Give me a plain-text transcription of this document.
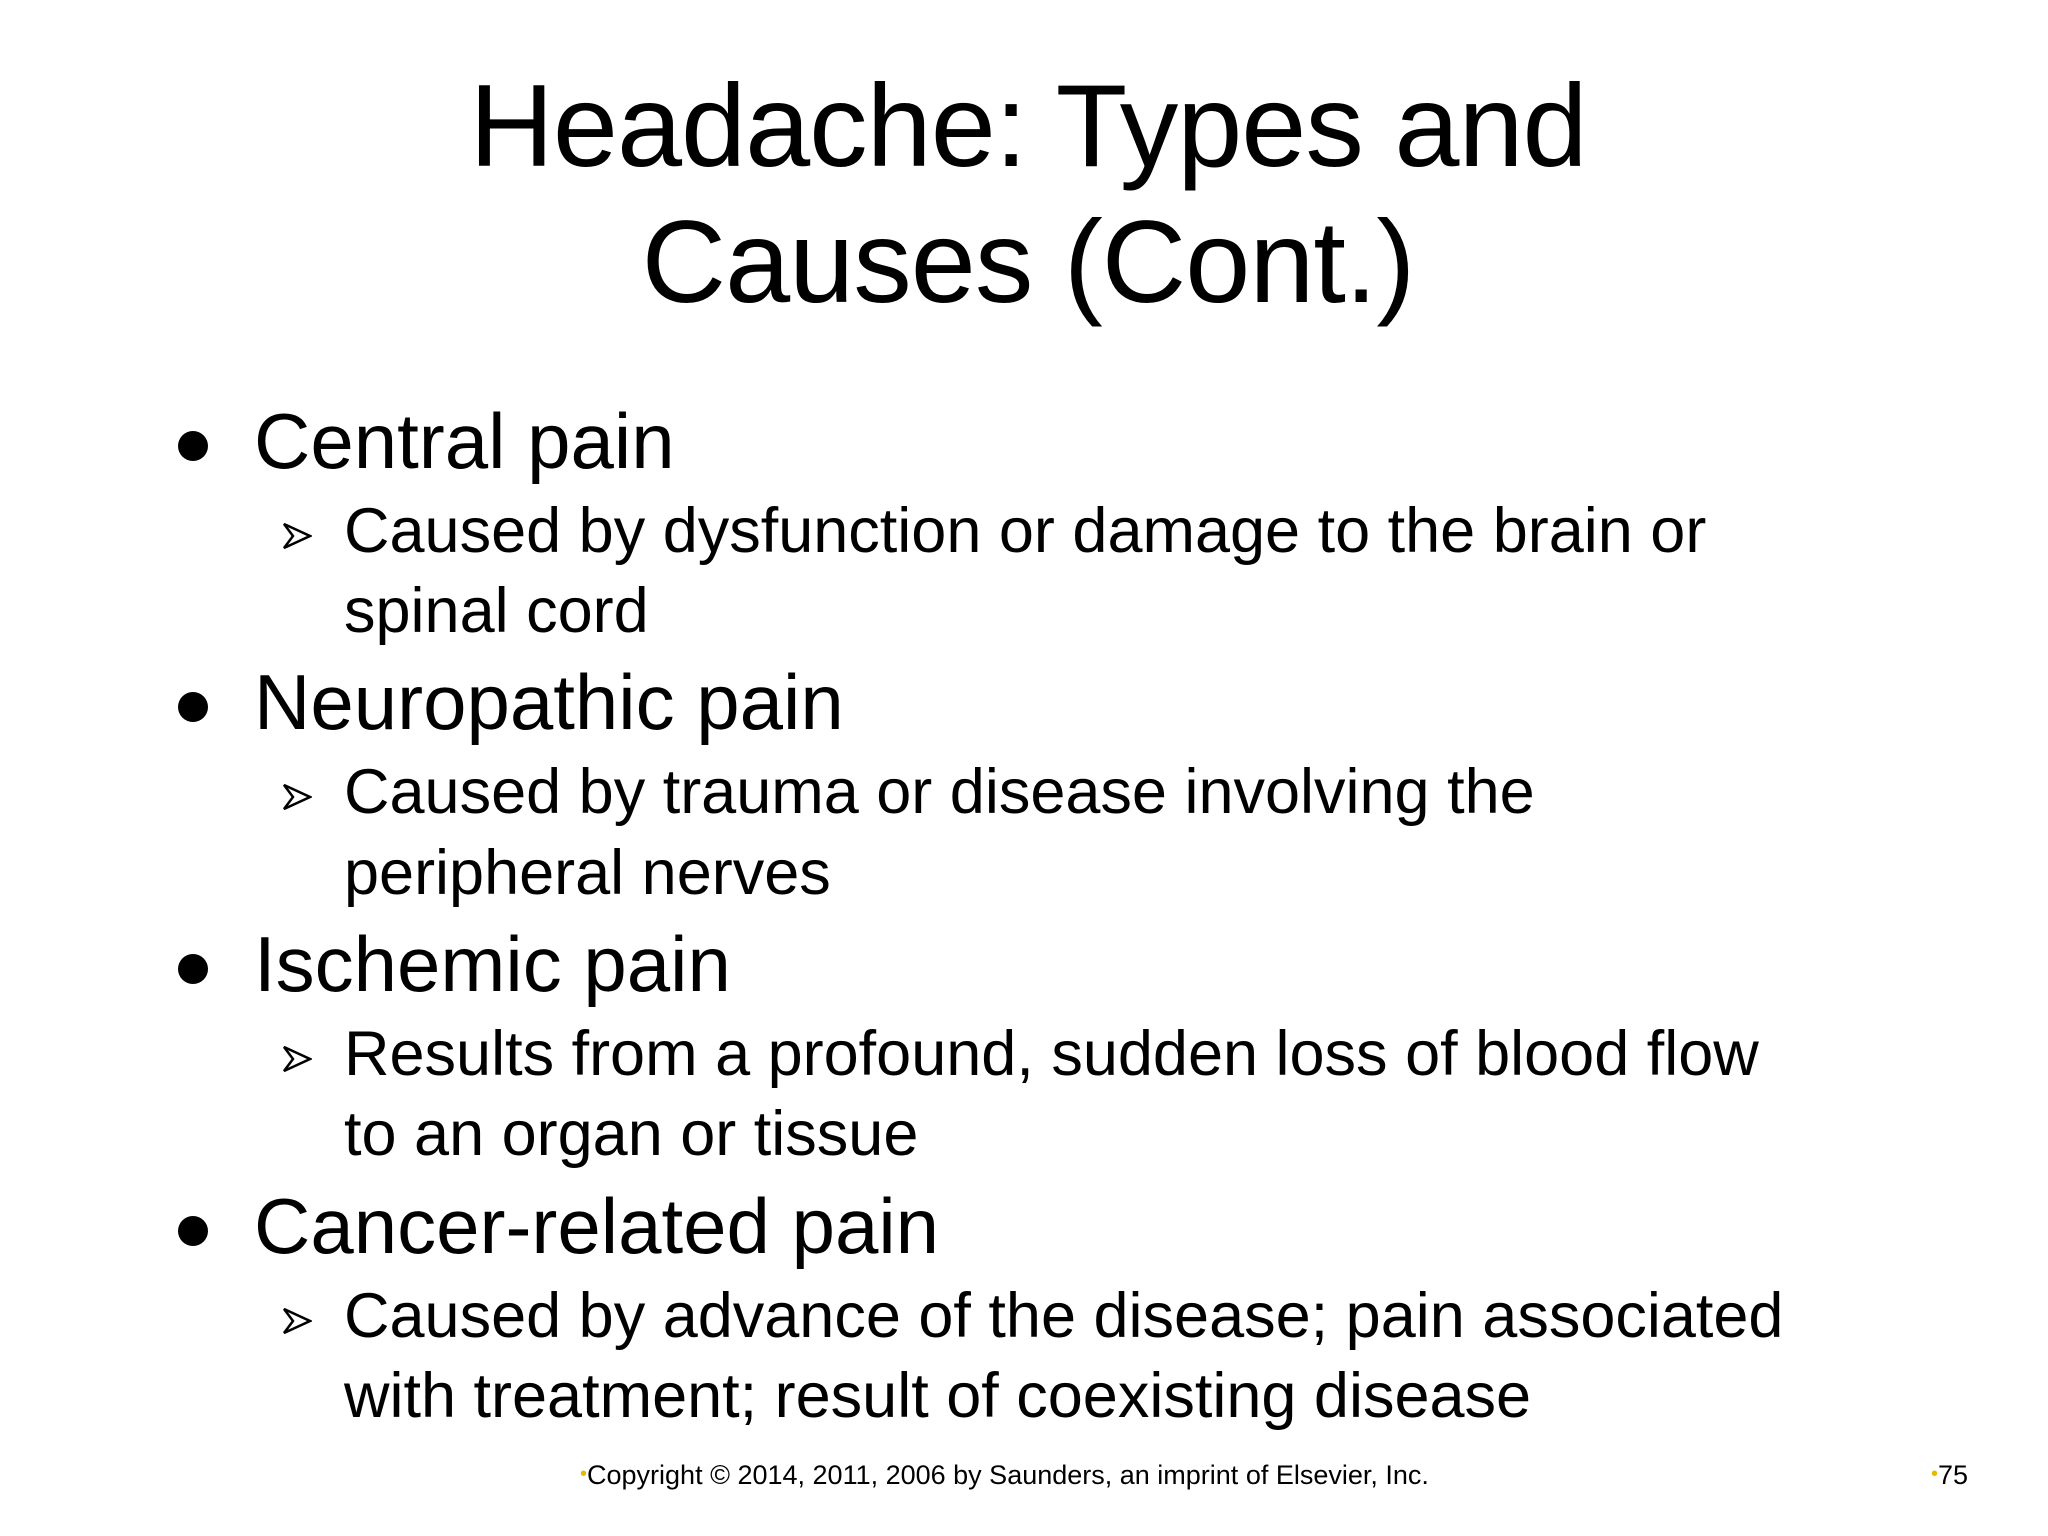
Headache: Types and
Causes (Cont.)
Central pain
Caused by dysfunction or damage to the brain or
spinal cord
Neuropathic pain
Caused by trauma or disease involving the
peripheral nerves
Ischemic pain
Results from a profound, sudden loss of blood flow
to an organ or tissue
Cancer-related pain
Caused by advance of the disease; pain associated
with treatment; result of coexisting disease
•Copyright © 2014, 2011, 2006 by Saunders, an imprint of Elsevier, Inc.	•75
